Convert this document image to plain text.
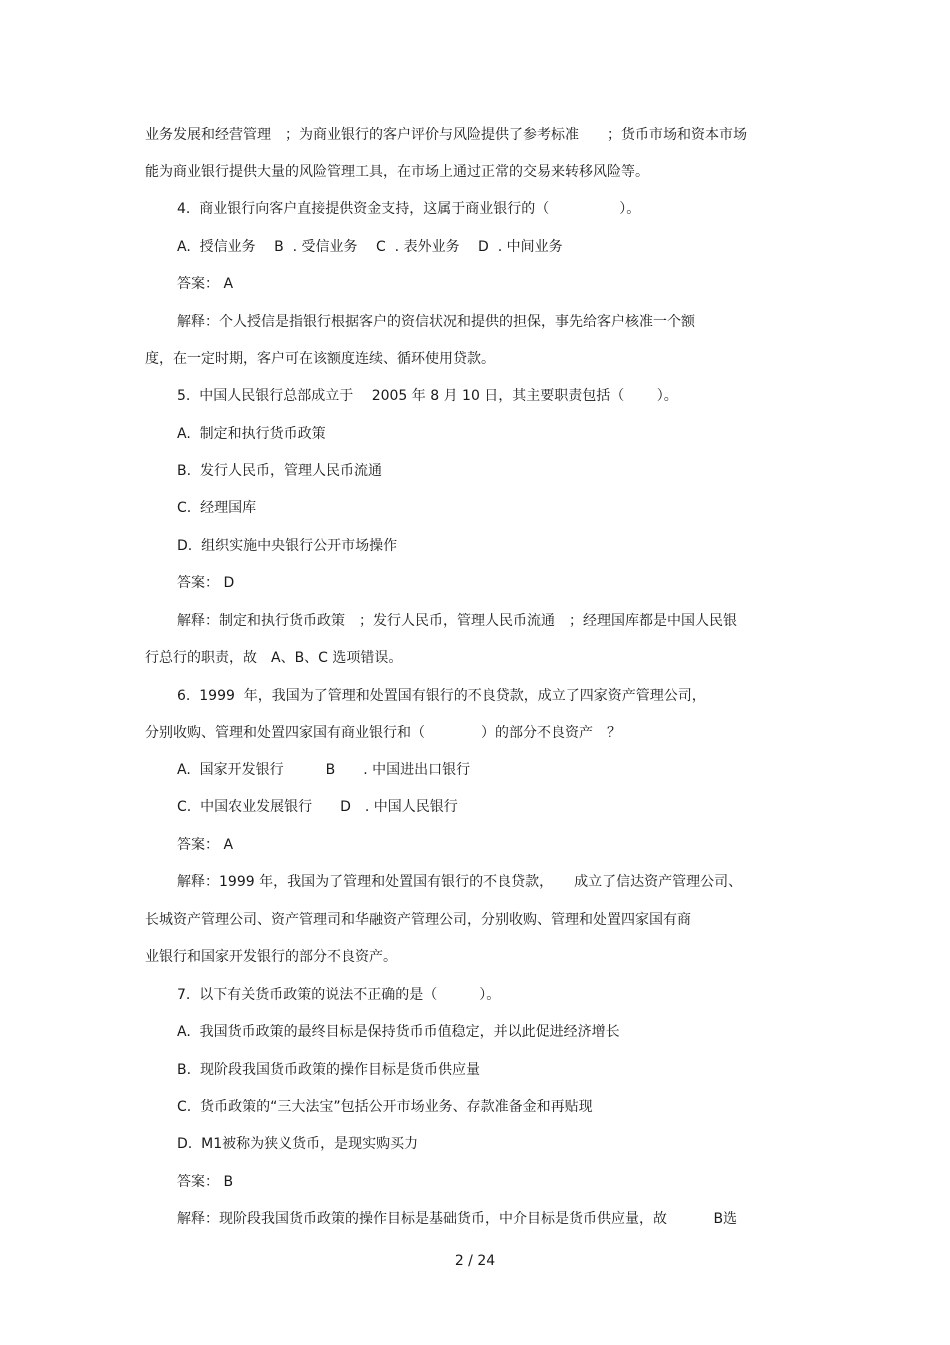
业务发展和经营管理　；为商业银行的客户评价与风险提供了参考标准　　；货币市场和资本市场
能为商业银行提供大量的风险管理工具，在市场上通过正常的交易来转移风险等。
4.  商业银行向客户直接提供资金支持，这属于商业银行的（　　　　　）。
A.  授信业务　 B  . 受信业务　 C  . 表外业务　 D  . 中间业务
答案： A
解释：个人授信是指银行根据客户的资信状况和提供的担保，事先给客户核准一个额
度，在一定时期，客户可在该额度连续、循环使用贷款。
5.  中国人民银行总部成立于　 2005 年 8 月 10 日，其主要职责包括（　　 ）。
A.  制定和执行货币政策
B.  发行人民币，管理人民币流通
C.  经理国库
D.  组织实施中央银行公开市场操作
答案： D
解释：制定和执行货币政策　；发行人民币，管理人民币流通　；经理国库都是中国人民银
行总行的职责，故　A、B、C 选项错误。
6.  1999  年，我国为了管理和处置国有银行的不良贷款，成立了四家资产管理公司，
分别收购、管理和处置四家国有商业银行和（　　　　）的部分不良资产　？
A.  国家开发银行　　　B　　. 中国进出口银行
C.  中国农业发展银行　　D　. 中国人民银行
答案： A
解释：1999 年，我国为了管理和处置国有银行的不良贷款，　　成立了信达资产管理公司、
长城资产管理公司、资产管理司和华融资产管理公司，分别收购、管理和处置四家国有商
业银行和国家开发银行的部分不良资产。
7.  以下有关货币政策的说法不正确的是（　　　）。
A.  我国货币政策的最终目标是保持货币币值稳定，并以此促进经济增长
B.  现阶段我国货币政策的操作目标是货币供应量
C.  货币政策的“三大法宝”包括公开市场业务、存款准备金和再贴现
D.  M1被称为狭义货币，是现实购买力
答案： B
解释：现阶段我国货币政策的操作目标是基础货币，中介目标是货币供应量，故　　　 B选
2 / 24
